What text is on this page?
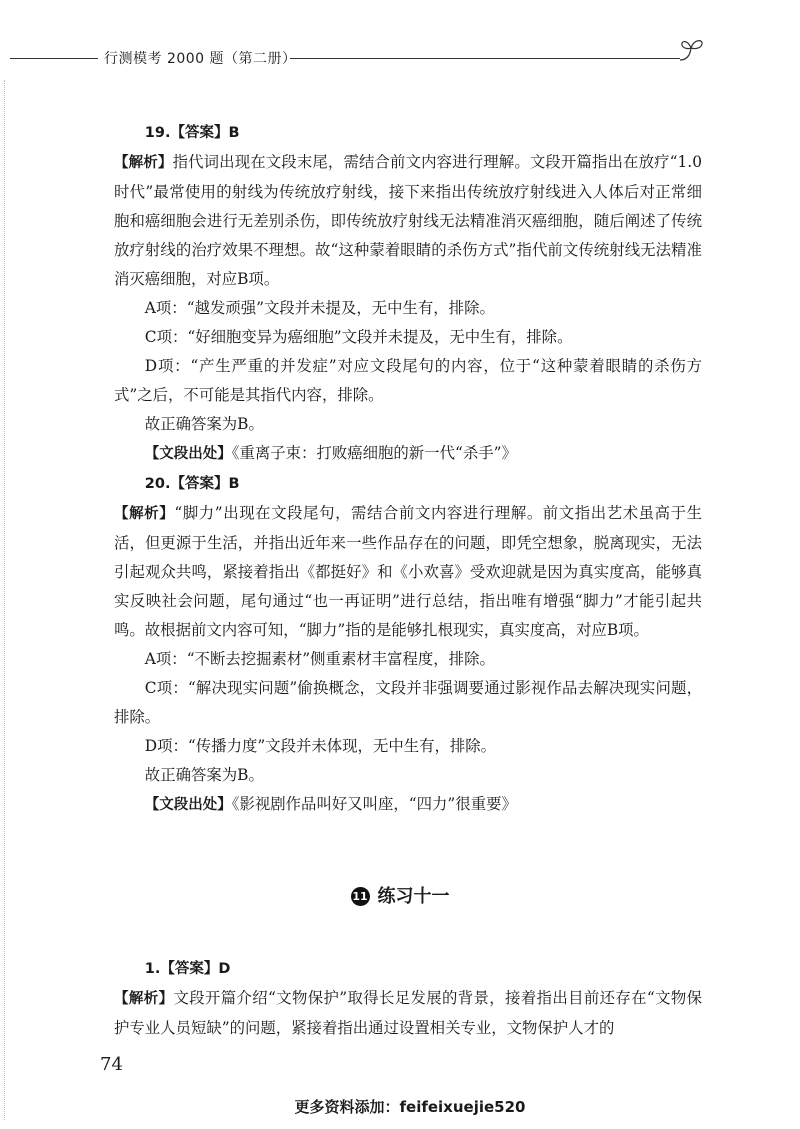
行测模考 2000 题（第二册）

19.【答案】B

【解析】指代词出现在文段末尾，需结合前文内容进行理解。文段开篇指出在放疗“1.0时代”最常使用的射线为传统放疗射线，接下来指出传统放疗射线进入人体后对正常细胞和癌细胞会进行无差别杀伤，即传统放疗射线无法精准消灭癌细胞，随后阐述了传统放疗射线的治疗效果不理想。故“这种蒙着眼睛的杀伤方式”指代前文传统射线无法精准消灭癌细胞，对应B项。

A项：“越发顽强”文段并未提及，无中生有，排除。

C项：“好细胞变异为癌细胞”文段并未提及，无中生有，排除。

D项：“产生严重的并发症”对应文段尾句的内容，位于“这种蒙着眼睛的杀伤方式”之后，不可能是其指代内容，排除。

故正确答案为B。

【文段出处】《重离子束：打败癌细胞的新一代“杀手”》

20.【答案】B

【解析】“脚力”出现在文段尾句，需结合前文内容进行理解。前文指出艺术虽高于生活，但更源于生活，并指出近年来一些作品存在的问题，即凭空想象，脱离现实，无法引起观众共鸣，紧接着指出《都挺好》和《小欢喜》受欢迎就是因为真实度高，能够真实反映社会问题，尾句通过“也一再证明”进行总结，指出唯有增强“脚力”才能引起共鸣。故根据前文内容可知，“脚力”指的是能够扎根现实，真实度高，对应B项。

A项：“不断去挖掘素材”侧重素材丰富程度，排除。

C项：“解决现实问题”偷换概念，文段并非强调要通过影视作品去解决现实问题，排除。

D项：“传播力度”文段并未体现，无中生有，排除。

故正确答案为B。

【文段出处】《影视剧作品叫好又叫座，“四力”很重要》

11 练习十一

1.【答案】D

【解析】文段开篇介绍“文物保护”取得长足发展的背景，接着指出目前还存在“文物保护专业人员短缺”的问题，紧接着指出通过设置相关专业，文物保护人才的

74
更多资料添加：feifeixuejie520
